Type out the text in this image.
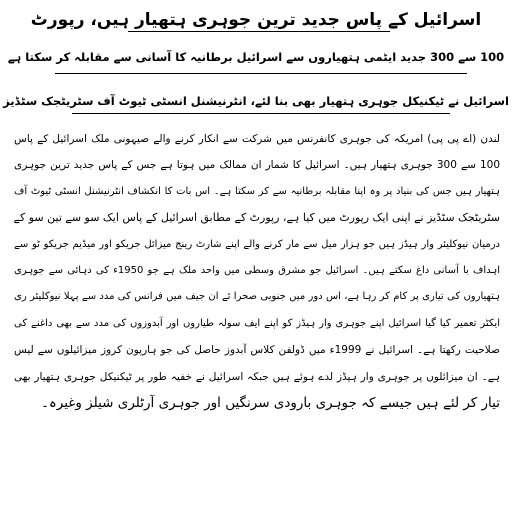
اسرائیل کے پاس جدید ترین جوہری ہتھیار ہیں، رپورٹ
100 سے 300 جدید ایٹمی ہتھیاروں سے اسرائیل برطانیہ کا آسانی سے مقابلہ کر سکتا ہے
اسرائیل نے ٹیکنیکل جوہری ہتھیار بھی بنا لئے، انٹرنیشنل انسٹی ٹیوٹ آف سٹریٹجک سٹڈیز
لندن (اے پی پی) امریکہ کی جوہری کانفرنس میں شرکت سے انکار کرنے والے صیہونی ملک اسرائیل کے پاس
100 سے 300 جوہری ہتھیار ہیں۔ اسرائیل کا شمار ان ممالک میں ہوتا ہے جس کے پاس جدید ترین جوہری
ہتھیار ہیں جس کی بنیاد پر وہ اپنا مقابلہ برطانیہ سے کر سکتا ہے۔ اس بات کا انکشاف انٹرنیشنل انسٹی ٹیوٹ آف
سٹریٹجک سٹڈیز نے اپنی ایک رپورٹ میں کیا ہے، رپورٹ کے مطابق اسرائیل کے پاس ایک سو سے تین سو کے
درمیان نیوکلیئر وار ہیڈز ہیں جو ہزار میل سے مار کرنے والے اپنے شارٹ رینج میزائل جریکو اور میڈیم جریکو ٹو سے
اہداف با آسانی داغ سکتے ہیں۔ اسرائیل جو مشرق وسطی میں واحد ملک ہے جو 1950ء کی دہائی سے جوہری
ہتھیاروں کی تیاری پر کام کر رہا ہے، اس دور میں جنوبی صحرا ئے ان جیف میں فرانس کی مدد سے پہلا نیوکلیئر ری
ایکٹر تعمیر کیا گیا اسرائیل اپنے جوہری وار ہیڈز کو اپنے ایف سولہ طیاروں اور آبدوزوں کی مدد سے بھی داغنے کی
صلاحیت رکھتا ہے۔ اسرائیل نے 1999ء میں ڈولفن کلاس آبدوز حاصل کی جو ہارپون کروز میزائیلوں سے لیس
ہے۔ ان میزائلوں پر جوہری وار ہیڈز لدے ہوئے ہیں جبکہ اسرائیل نے خفیہ طور پر ٹیکنیکل جوہری ہتھیار بھی
تیار کر لئے ہیں جیسے کہ جوہری بارودی سرنگیں اور جوہری آرٹلری شیلز وغیرہ۔
